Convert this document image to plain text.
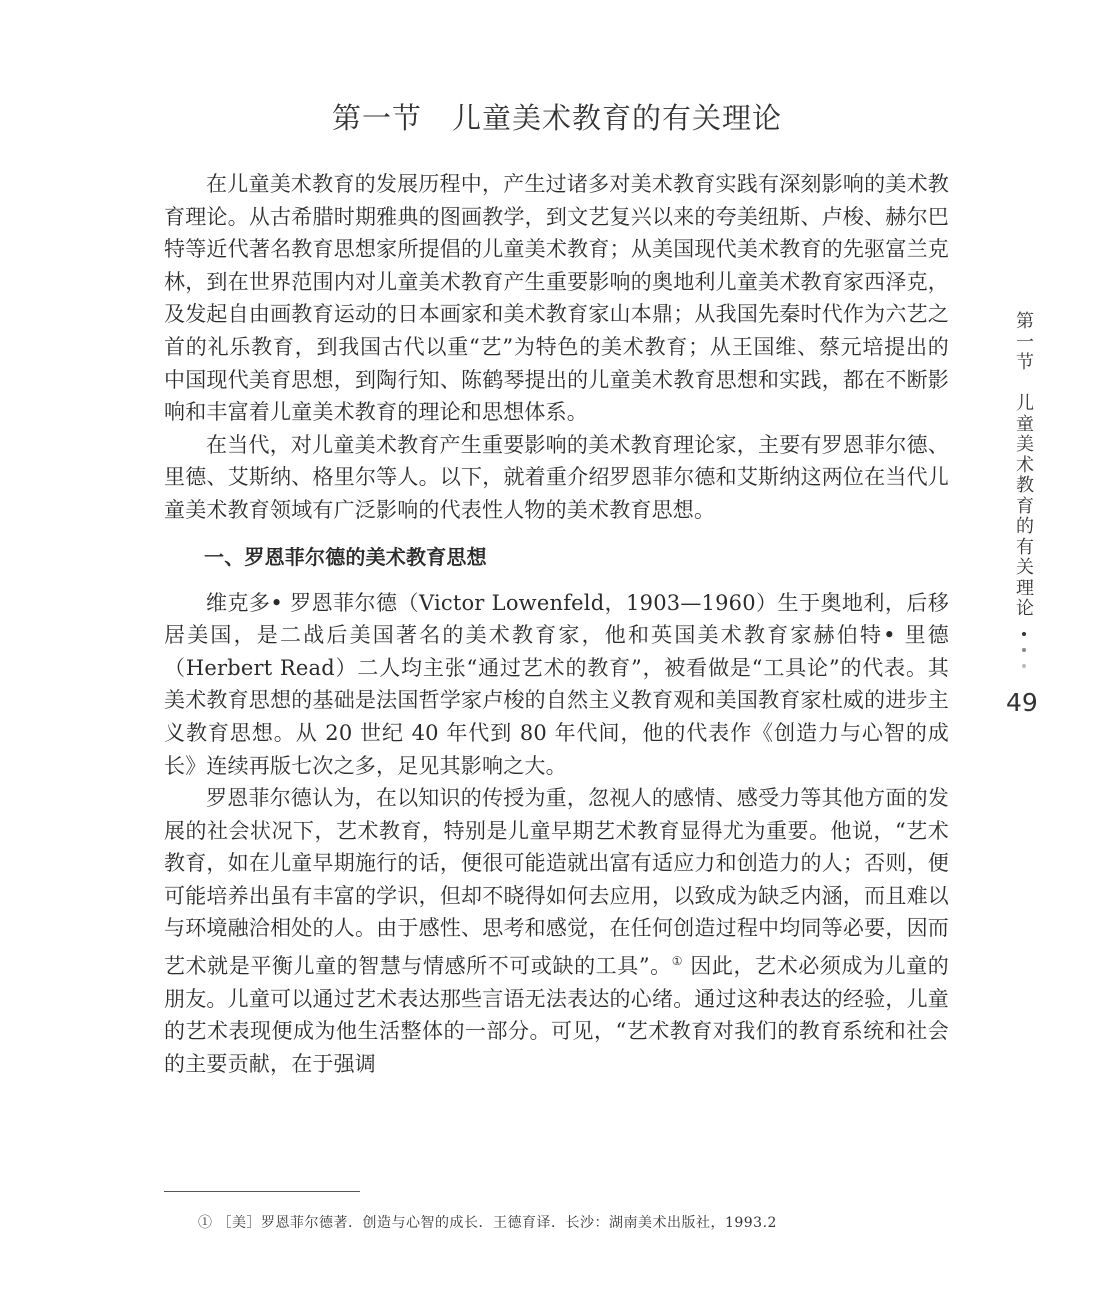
第一节 儿童美术教育的有关理论

在儿童美术教育的发展历程中，产生过诸多对美术教育实践有深刻影响的美术教育理论。从古希腊时期雅典的图画教学，到文艺复兴以来的夸美纽斯、卢梭、赫尔巴特等近代著名教育思想家所提倡的儿童美术教育；从美国现代美术教育的先驱富兰克林，到在世界范围内对儿童美术教育产生重要影响的奥地利儿童美术教育家西泽克，及发起自由画教育运动的日本画家和美术教育家山本鼎；从我国先秦时代作为六艺之首的礼乐教育，到我国古代以重“艺”为特色的美术教育；从王国维、蔡元培提出的中国现代美育思想，到陶行知、陈鹤琴提出的儿童美术教育思想和实践，都在不断影响和丰富着儿童美术教育的理论和思想体系。

在当代，对儿童美术教育产生重要影响的美术教育理论家，主要有罗恩菲尔德、里德、艾斯纳、格里尔等人。以下，就着重介绍罗恩菲尔德和艾斯纳这两位在当代儿童美术教育领域有广泛影响的代表性人物的美术教育思想。

一、罗恩菲尔德的美术教育思想

维克多• 罗恩菲尔德（Victor Lowenfeld，1903—1960）生于奥地利，后移居美国，是二战后美国著名的美术教育家，他和英国美术教育家赫伯特• 里德（Herbert Read）二人均主张“通过艺术的教育”，被看做是“工具论”的代表。其美术教育思想的基础是法国哲学家卢梭的自然主义教育观和美国教育家杜威的进步主义教育思想。从 20 世纪 40 年代到 80 年代间，他的代表作《创造力与心智的成长》连续再版七次之多，足见其影响之大。

罗恩菲尔德认为，在以知识的传授为重，忽视人的感情、感受力等其他方面的发展的社会状况下，艺术教育，特别是儿童早期艺术教育显得尤为重要。他说，“艺术教育，如在儿童早期施行的话，便很可能造就出富有适应力和创造力的人；否则，便可能培养出虽有丰富的学识，但却不晓得如何去应用，以致成为缺乏内涵，而且难以与环境融洽相处的人。由于感性、思考和感觉，在任何创造过程中均同等必要，因而艺术就是平衡儿童的智慧与情感所不可或缺的工具”。① 因此，艺术必须成为儿童的朋友。儿童可以通过艺术表达那些言语无法表达的心绪。通过这种表达的经验，儿童的艺术表现便成为他生活整体的一部分。可见，“艺术教育对我们的教育系统和社会的主要贡献，在于强调

① ［美］罗恩菲尔德著．创造与心智的成长．王德育译．长沙：湖南美术出版社，1993.2
第
一
节

儿
童
美
术
教
育
的
有
关
理
论
49
